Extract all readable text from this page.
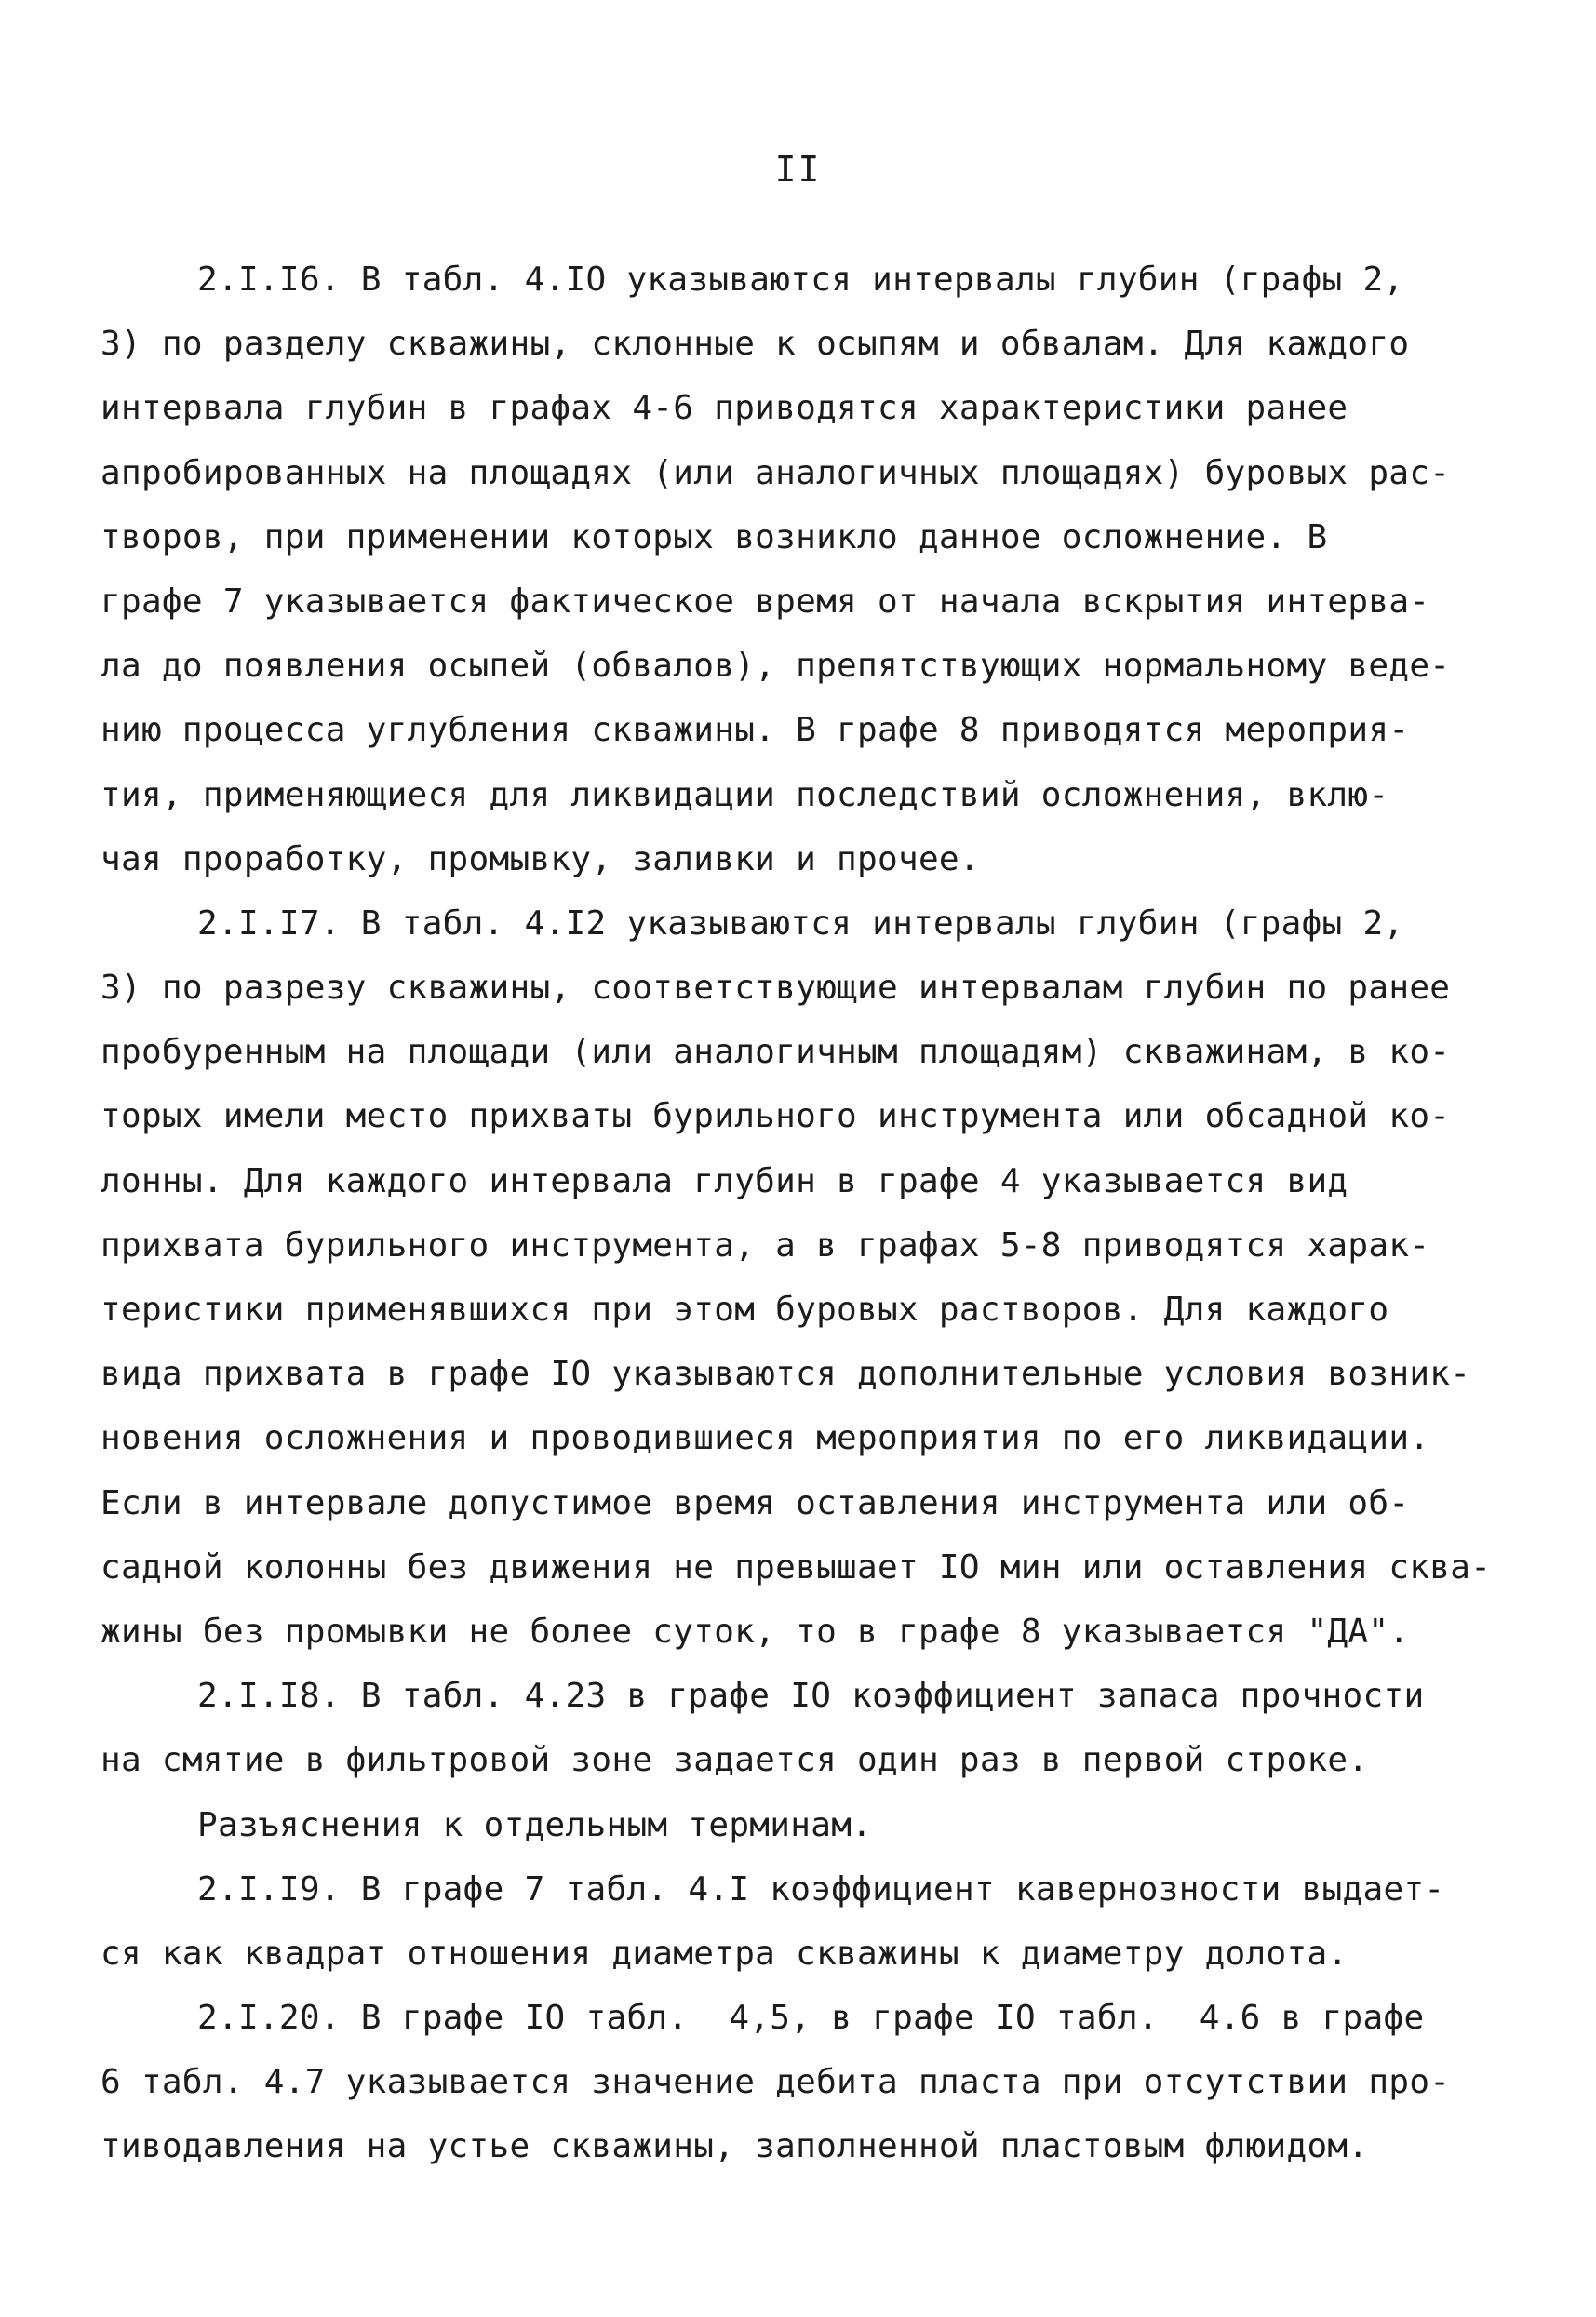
II
2.I.I6. В табл. 4.IO указываются интервалы глубин (графы 2,
3) по разделу скважины, склонные к осыпям и обвалам. Для каждого
интервала глубин в графах 4-6 приводятся характеристики ранее
апробированных на площадях (или аналогичных площадях) буровых рас-
творов, при применении которых возникло данное осложнение. В
графе 7 указывается фактическое время от начала вскрытия интерва-
ла до появления осыпей (обвалов), препятствующих нормальному веде-
нию процесса углубления скважины. В графе 8 приводятся мероприя-
тия, применяющиеся для ликвидации последствий осложнения, вклю-
чая проработку, промывку, заливки и прочее.
2.I.I7. В табл. 4.I2 указываются интервалы глубин (графы 2,
3) по разрезу скважины, соответствующие интервалам глубин по ранее
пробуренным на площади (или аналогичным площадям) скважинам, в ко-
торых имели место прихваты бурильного инструмента или обсадной ко-
лонны. Для каждого интервала глубин в графе 4 указывается вид
прихвата бурильного инструмента, а в графах 5-8 приводятся харак-
теристики применявшихся при этом буровых растворов. Для каждого
вида прихвата в графе IO указываются дополнительные условия возник-
новения осложнения и проводившиеся мероприятия по его ликвидации.
Если в интервале допустимое время оставления инструмента или об-
садной колонны без движения не превышает IO мин или оставления сква-
жины без промывки не более суток, то в графе 8 указывается "ДА".
2.I.I8. В табл. 4.23 в графе IO коэффициент запаса прочности
на смятие в фильтровой зоне задается один раз в первой строке.
Разъяснения к отдельным терминам.
2.I.I9. В графе 7 табл. 4.I коэффициент кавернозности выдает-
ся как квадрат отношения диаметра скважины к диаметру долота.
2.I.20. В графе IO табл.  4,5, в графе IO табл.  4.6 в графе
6 табл. 4.7 указывается значение дебита пласта при отсутствии про-
тиводавления на устье скважины, заполненной пластовым флюидом.
